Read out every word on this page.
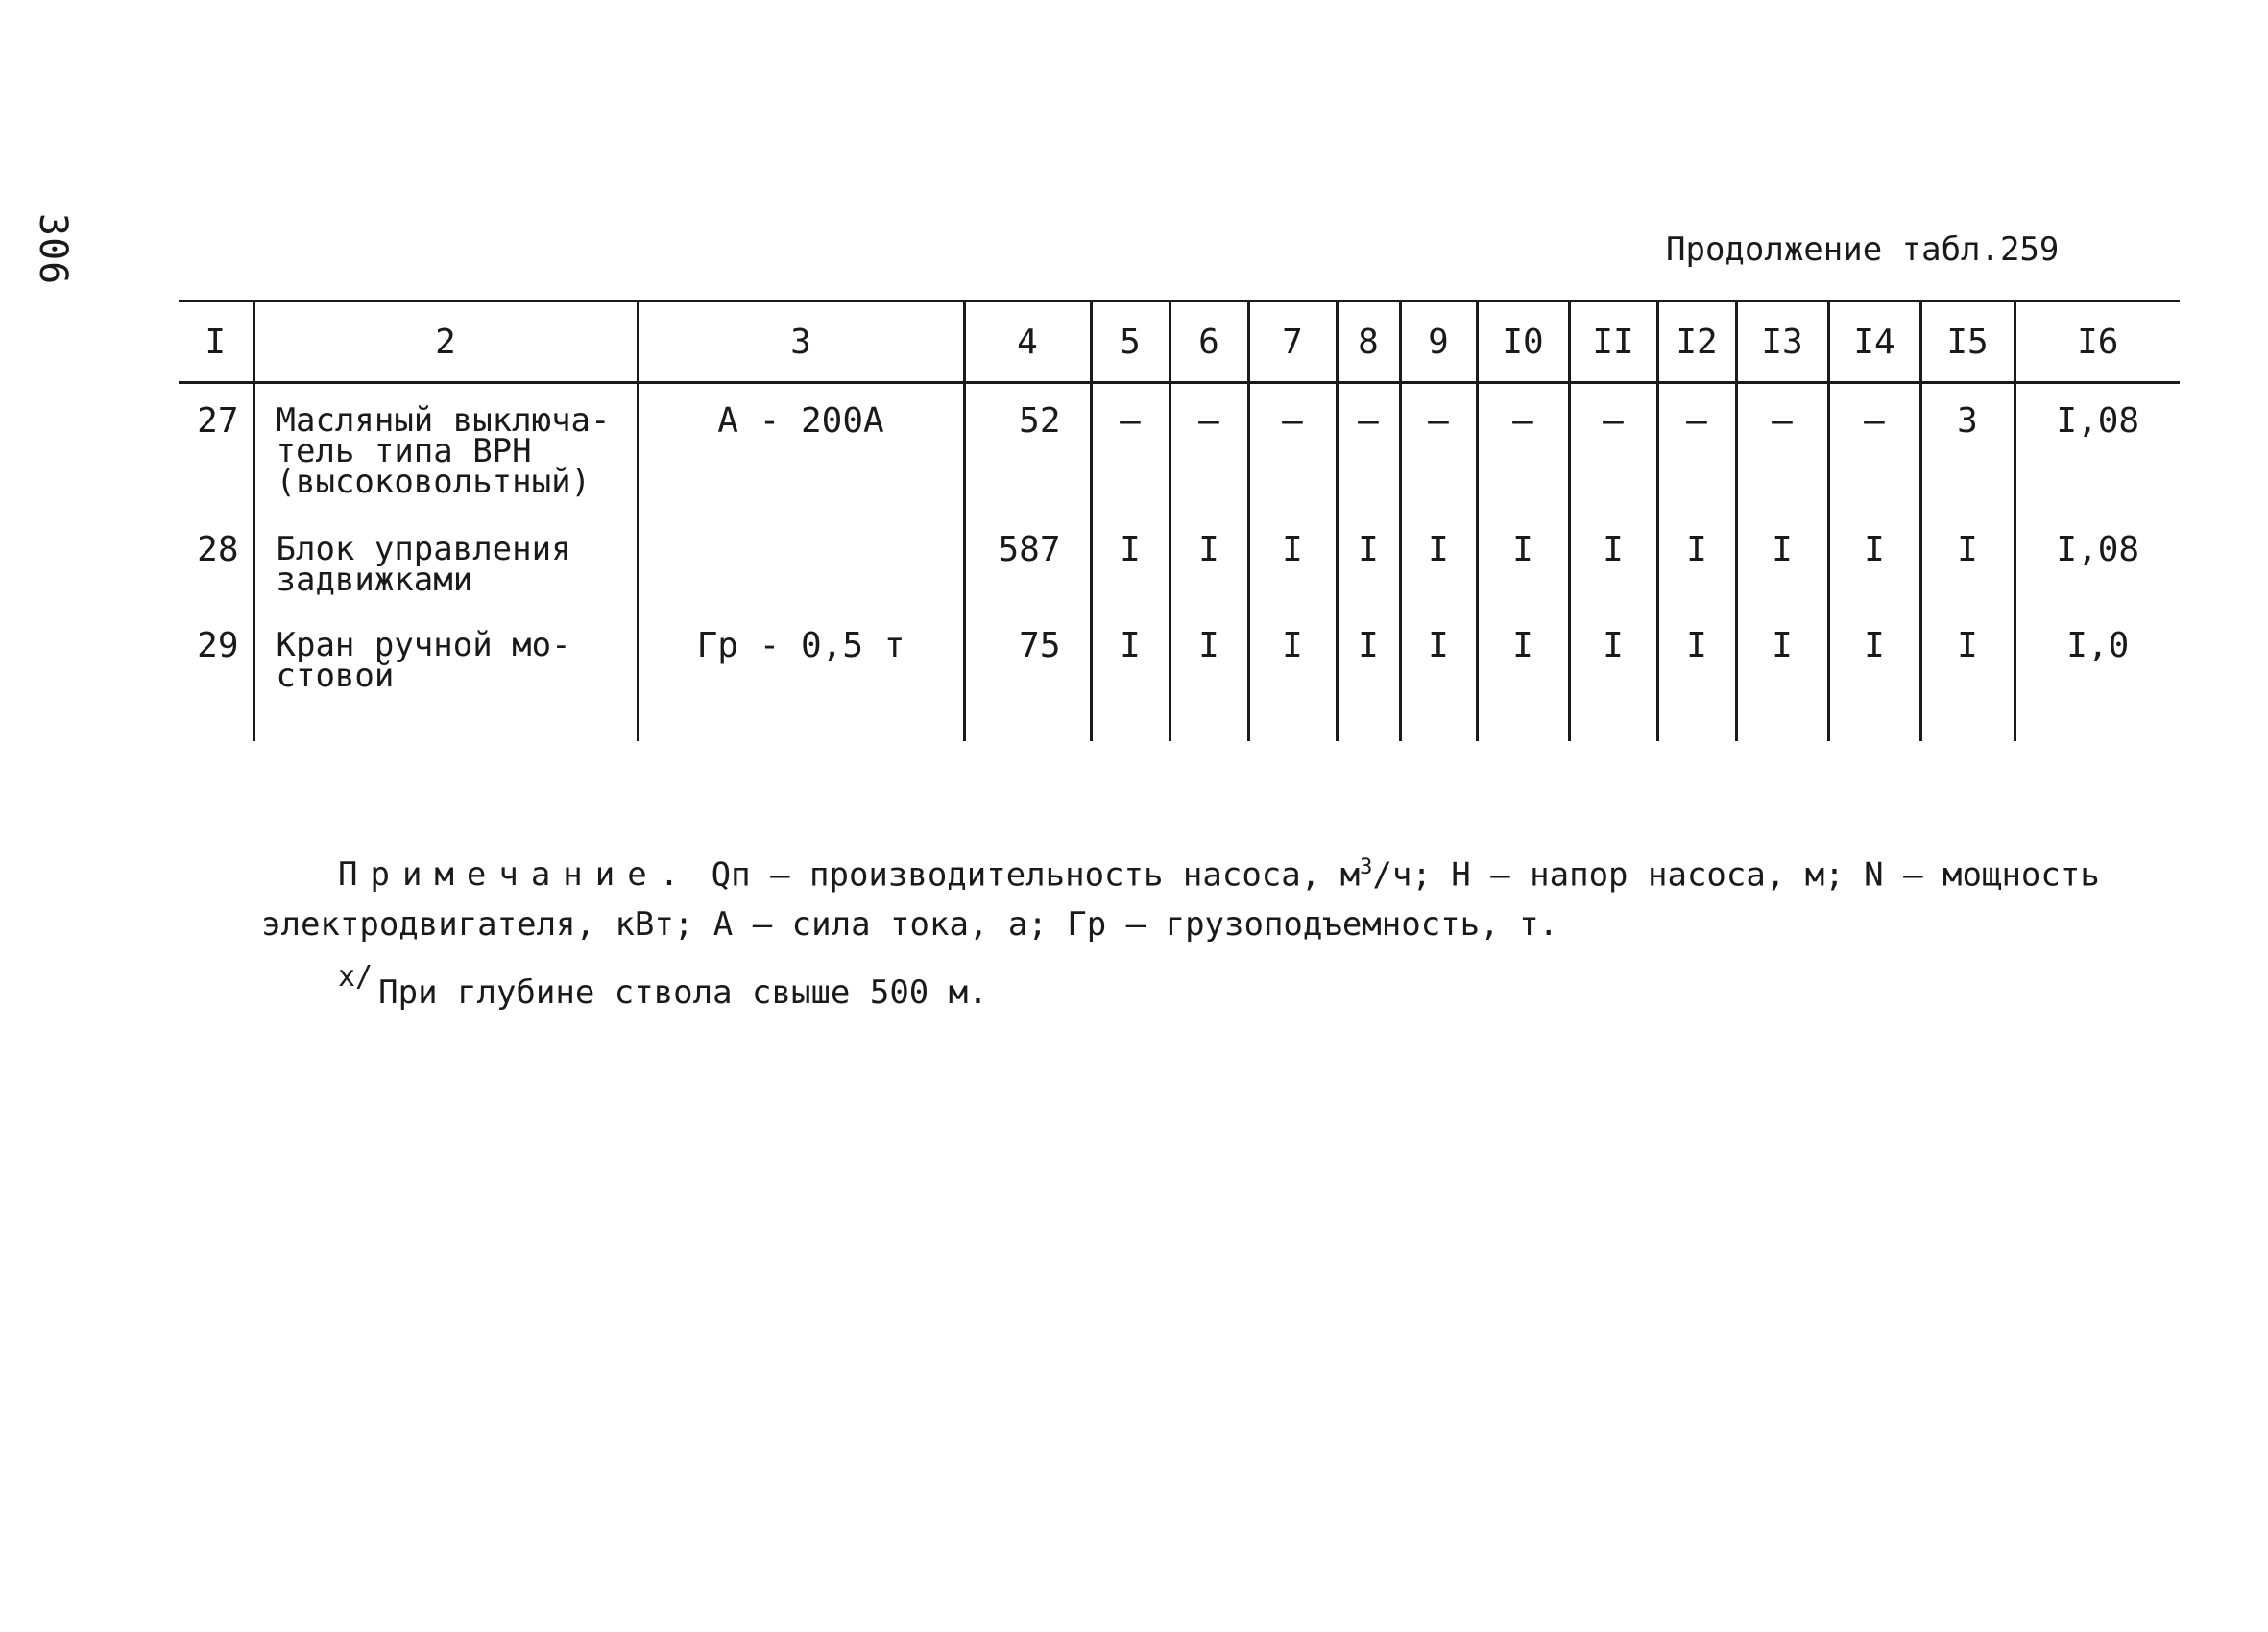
306	Продолжение табл.259
I	2	3	4	5	6	7	8	9	I0	II	I2	I3	I4	I5	I6
27	Масляный выключа-тель типа ВРН (высоковольтный)	А - 200А	52	–	–	–	–	–	–	–	–	–	–	3	I,08
28	Блок управления задвижками		587	I	I	I	I	I	I	I	I	I	I	I	I,08
29	Кран ручной мо-стовой	Гр - 0,5 т	75	I	I	I	I	I	I	I	I	I	I	I	I,0
Примечание. Qп – производительность насоса, $м^3/ч$; Н – напор насоса, м; N – мощность электродвигателя, кВт; А – сила тока, а; Гр – грузоподъемность, т.
$^{х/}$ При глубине ствола свыше 500 м.
